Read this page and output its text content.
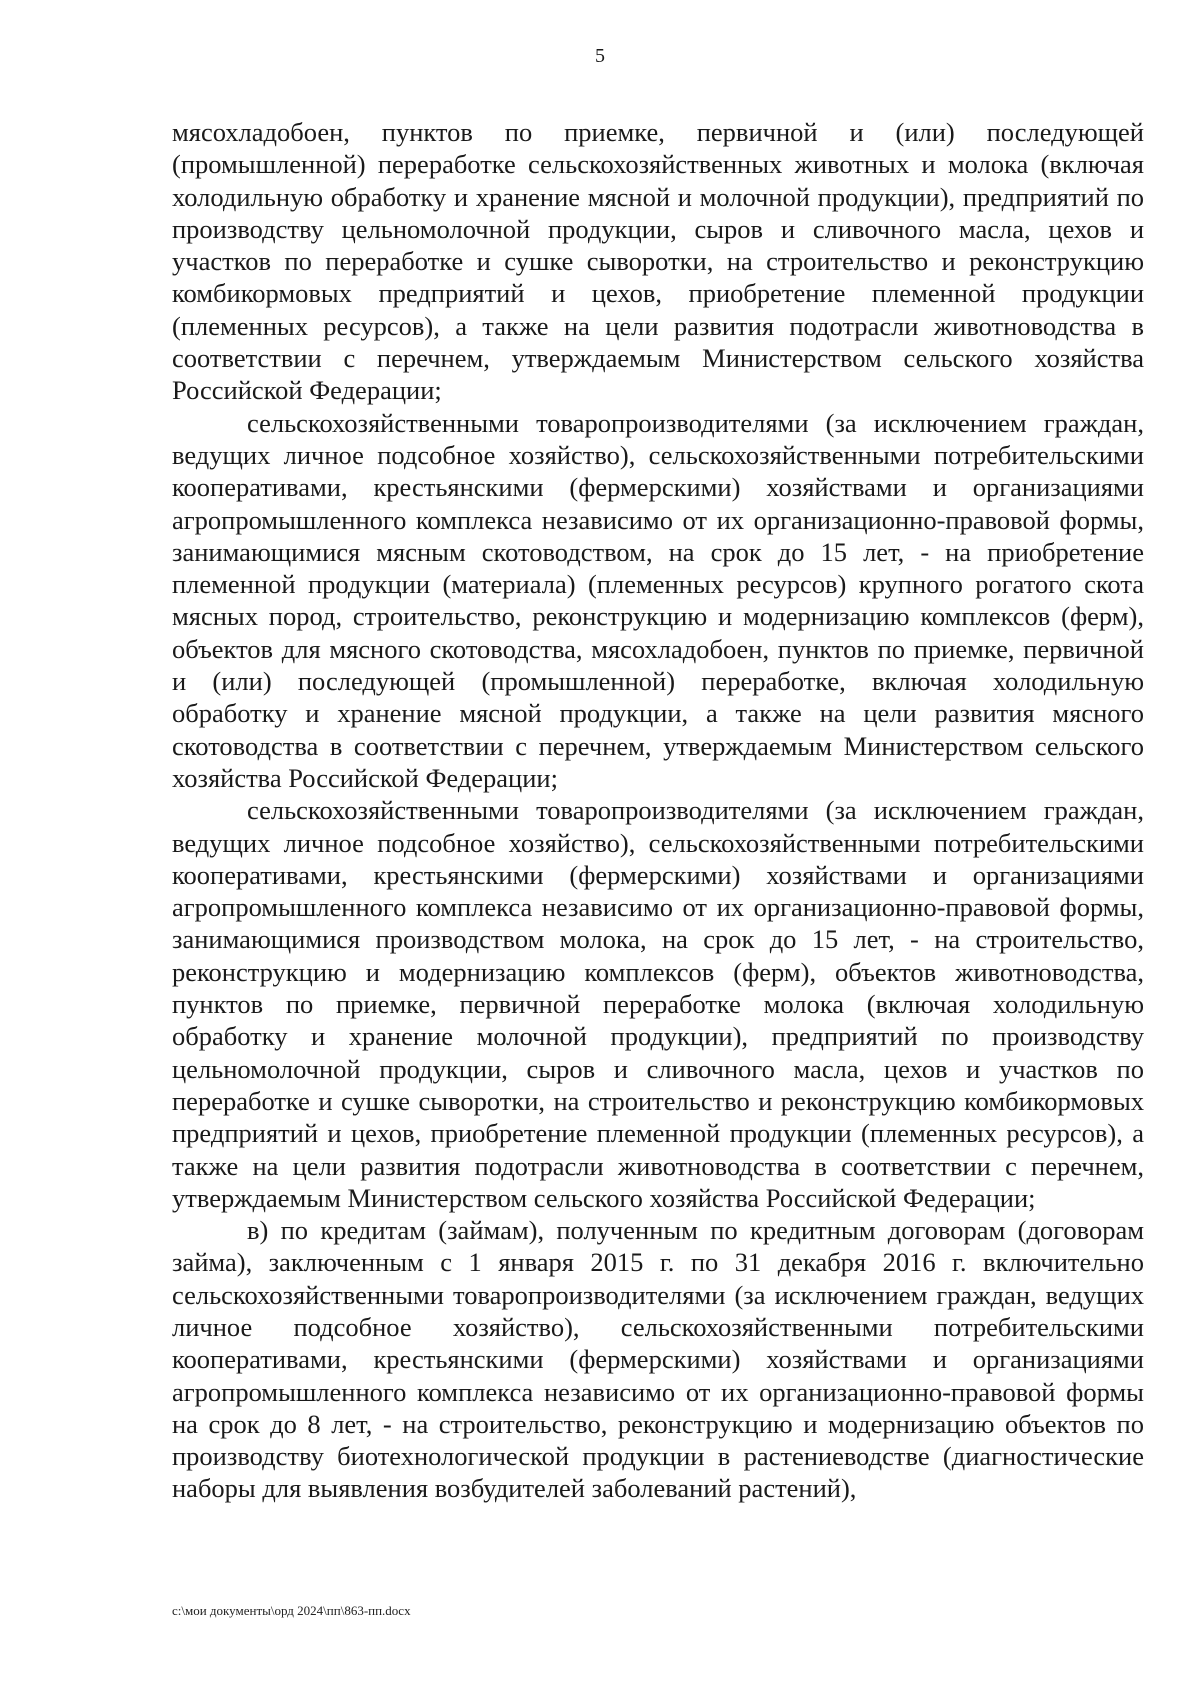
5

мясохладобоен, пунктов по приемке, первичной и (или) последующей (промышленной) переработке сельскохозяйственных животных и молока (включая холодильную обработку и хранение мясной и молочной продукции), предприятий по производству цельномолочной продукции, сыров и сливочного масла, цехов и участков по переработке и сушке сыворотки, на строительство и реконструкцию комбикормовых предприятий и цехов, приобретение племенной продукции (племенных ресурсов), а также на цели развития подотрасли животноводства в соответствии с перечнем, утверждаемым Министерством сельского хозяйства Российской Федерации;

сельскохозяйственными товаропроизводителями (за исключением граждан, ведущих личное подсобное хозяйство), сельскохозяйственными потребительскими кооперативами, крестьянскими (фермерскими) хозяйствами и организациями агропромышленного комплекса независимо от их организационно-правовой формы, занимающимися мясным скотоводством, на срок до 15 лет, - на приобретение племенной продукции (материала) (племенных ресурсов) крупного рогатого скота мясных пород, строительство, реконструкцию и модернизацию комплексов (ферм), объектов для мясного скотоводства, мясохладобоен, пунктов по приемке, первичной и (или) последующей (промышленной) переработке, включая холодильную обработку и хранение мясной продукции, а также на цели развития мясного скотоводства в соответствии с перечнем, утверждаемым Министерством сельского хозяйства Российской Федерации;

сельскохозяйственными товаропроизводителями (за исключением граждан, ведущих личное подсобное хозяйство), сельскохозяйственными потребительскими кооперативами, крестьянскими (фермерскими) хозяйствами и организациями агропромышленного комплекса независимо от их организационно-правовой формы, занимающимися производством молока, на срок до 15 лет, - на строительство, реконструкцию и модернизацию комплексов (ферм), объектов животноводства, пунктов по приемке, первичной переработке молока (включая холодильную обработку и хранение молочной продукции), предприятий по производству цельномолочной продукции, сыров и сливочного масла, цехов и участков по переработке и сушке сыворотки, на строительство и реконструкцию комбикормовых предприятий и цехов, приобретение племенной продукции (племенных ресурсов), а также на цели развития подотрасли животноводства в соответствии с перечнем, утверждаемым Министерством сельского хозяйства Российской Федерации;

в) по кредитам (займам), полученным по кредитным договорам (договорам займа), заключенным с 1 января 2015 г. по 31 декабря 2016 г. включительно сельскохозяйственными товаропроизводителями (за исключением граждан, ведущих личное подсобное хозяйство), сельскохозяйственными потребительскими кооперативами, крестьянскими (фермерскими) хозяйствами и организациями агропромышленного комплекса независимо от их организационно-правовой формы на срок до 8 лет, - на строительство, реконструкцию и модернизацию объектов по производству биотехнологической продукции в растениеводстве (диагностические наборы для выявления возбудителей заболеваний растений),

c:\мои документы\орд 2024\пп\863-пп.docx
